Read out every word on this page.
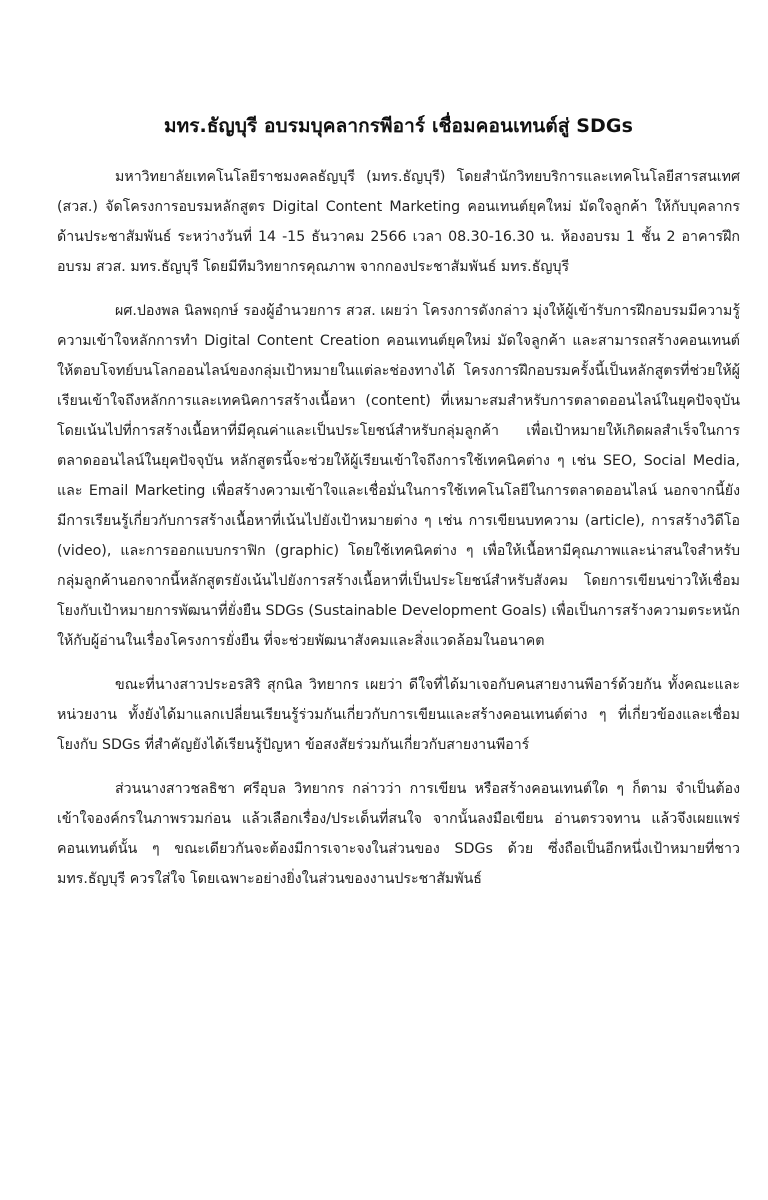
มทร.ธัญบุรี อบรมบุคลากรพีอาร์ เชื่อมคอนเทนต์สู่ SDGs

มหาวิทยาลัยเทคโนโลยีราชมงคลธัญบุรี (มทร.ธัญบุรี) โดยสำนักวิทยบริการและเทคโนโลยีสารสนเทศ (สวส.) จัดโครงการอบรมหลักสูตร Digital Content Marketing คอนเทนต์ยุคใหม่ มัดใจลูกค้า ให้กับบุคลากรด้านประชาสัมพันธ์ ระหว่างวันที่ 14 -15 ธันวาคม 2566 เวลา 08.30-16.30 น. ห้องอบรม 1 ชั้น 2 อาคารฝึกอบรม สวส. มทร.ธัญบุรี โดยมีทีมวิทยากรคุณภาพ จากกองประชาสัมพันธ์ มทร.ธัญบุรี

ผศ.ปองพล นิลพฤกษ์ รองผู้อำนวยการ สวส. เผยว่า โครงการดังกล่าว มุ่งให้ผู้เข้ารับการฝึกอบรมมีความรู้ ความเข้าใจหลักการทำ Digital Content Creation คอนเทนต์ยุคใหม่ มัดใจลูกค้า และสามารถสร้างคอนเทนต์ให้ตอบโจทย์บนโลกออนไลน์ของกลุ่มเป้าหมายในแต่ละช่องทางได้ โครงการฝึกอบรมครั้งนี้เป็นหลักสูตรที่ช่วยให้ผู้เรียนเข้าใจถึงหลักการและเทคนิคการสร้างเนื้อหา (content) ที่เหมาะสมสำหรับการตลาดออนไลน์ในยุคปัจจุบัน โดยเน้นไปที่การสร้างเนื้อหาที่มีคุณค่าและเป็นประโยชน์สำหรับกลุ่มลูกค้า เพื่อเป้าหมายให้เกิดผลสำเร็จในการตลาดออนไลน์ในยุคปัจจุบัน หลักสูตรนี้จะช่วยให้ผู้เรียนเข้าใจถึงการใช้เทคนิคต่าง ๆ เช่น SEO, Social Media, และ Email Marketing เพื่อสร้างความเข้าใจและเชื่อมั่นในการใช้เทคโนโลยีในการตลาดออนไลน์ นอกจากนี้ยังมีการเรียนรู้เกี่ยวกับการสร้างเนื้อหาที่เน้นไปยังเป้าหมายต่าง ๆ เช่น การเขียนบทความ (article), การสร้างวิดีโอ (video), และการออกแบบกราฟิก (graphic) โดยใช้เทคนิคต่าง ๆ เพื่อให้เนื้อหามีคุณภาพและน่าสนใจสำหรับกลุ่มลูกค้านอกจากนี้หลักสูตรยังเน้นไปยังการสร้างเนื้อหาที่เป็นประโยชน์สำหรับสังคม โดยการเขียนข่าวให้เชื่อมโยงกับเป้าหมายการพัฒนาที่ยั่งยืน SDGs (Sustainable Development Goals) เพื่อเป็นการสร้างความตระหนักให้กับผู้อ่านในเรื่องโครงการยั่งยืน ที่จะช่วยพัฒนาสังคมและสิ่งแวดล้อมในอนาคต

ขณะที่นางสาวประอรสิริ สุกนิล วิทยากร เผยว่า ดีใจที่ได้มาเจอกับคนสายงานพีอาร์ด้วยกัน ทั้งคณะและหน่วยงาน ทั้งยังได้มาแลกเปลี่ยนเรียนรู้ร่วมกันเกี่ยวกับการเขียนและสร้างคอนเทนต์ต่าง ๆ ที่เกี่ยวข้องและเชื่อมโยงกับ SDGs ที่สำคัญยังได้เรียนรู้ปัญหา ข้อสงสัยร่วมกันเกี่ยวกับสายงานพีอาร์

ส่วนนางสาวชลธิชา ศรีอุบล วิทยากร กล่าวว่า การเขียน หรือสร้างคอนเทนต์ใด ๆ ก็ตาม จำเป็นต้องเข้าใจองค์กรในภาพรวมก่อน แล้วเลือกเรื่อง/ประเด็นที่สนใจ จากนั้นลงมือเขียน อ่านตรวจทาน แล้วจึงเผยแพร่คอนเทนต์นั้น ๆ ขณะเดียวกันจะต้องมีการเจาะจงในส่วนของ SDGs ด้วย ซึ่งถือเป็นอีกหนึ่งเป้าหมายที่ชาว มทร.ธัญบุรี ควรใส่ใจ โดยเฉพาะอย่างยิ่งในส่วนของงานประชาสัมพันธ์
